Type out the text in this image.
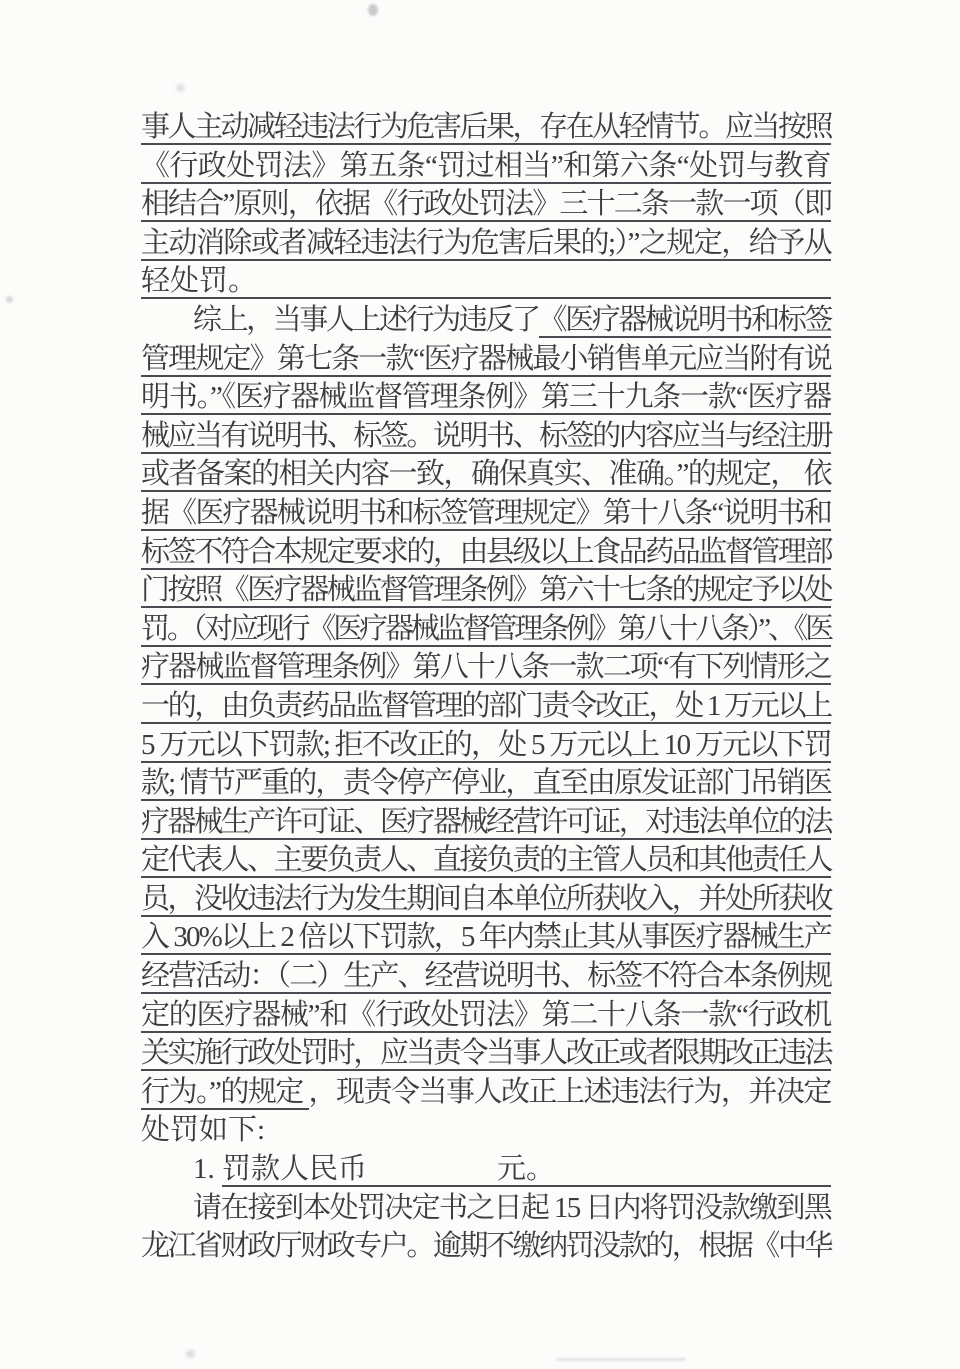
事人主动减轻违法行为危害后果，存在从轻情节。应当按照
《行政处罚法》第五条“罚过相当”和第六条“处罚与教育
相结合”原则，依据《行政处罚法》三十二条一款一项（即
主动消除或者减轻违法行为危害后果的;）”之规定，给予从
轻处罚。
综上，当事人上述行为违反了 《医疗器械说明书和标签
管理规定》第七条一款“医疗器械最小销售单元应当附有说
明书。”《医疗器械监督管理条例》第三十九条一款“医疗器
械应当有说明书、标签。说明书、标签的内容应当与经注册
或者备案的相关内容一致，确保真实、准确。”的规定， 依
据《医疗器械说明书和标签管理规定》第十八条“说明书和
标签不符合本规定要求的，由县级以上食品药品监督管理部
门按照《医疗器械监督管理条例》第六十七条的规定予以处
罚。（对应现行《医疗器械监督管理条例》第八十八条）”、《医
疗器械监督管理条例》第八十八条一款二项“有下列情形之
一的，由负责药品监督管理的部门责令改正，处 1 万元以上
5 万元以下罚款; 拒不改正的，处 5 万元以上 10 万元以下罚
款; 情节严重的，责令停产停业，直至由原发证部门吊销医
疗器械生产许可证、医疗器械经营许可证，对违法单位的法
定代表人、主要负责人、直接负责的主管人员和其他责任人
员，没收违法行为发生期间自本单位所获收入，并处所获收
入 30%以上 2 倍以下罚款，5 年内禁止其从事医疗器械生产
经营活动：（二）生产、经营说明书、标签不符合本条例规
定的医疗器械”和《行政处罚法》第二十八条一款“行政机
关实施行政处罚时，应当责令当事人改正或者限期改正违法
行为。”的规定 ，现责令当事人改正上述违法行为，并决定
处罚如下:
1. 罚款人民币	元。
请在接到本处罚决定书之日起 15 日内将罚没款缴到黑
龙江省财政厅财政专户。逾期不缴纳罚没款的，根据《中华
